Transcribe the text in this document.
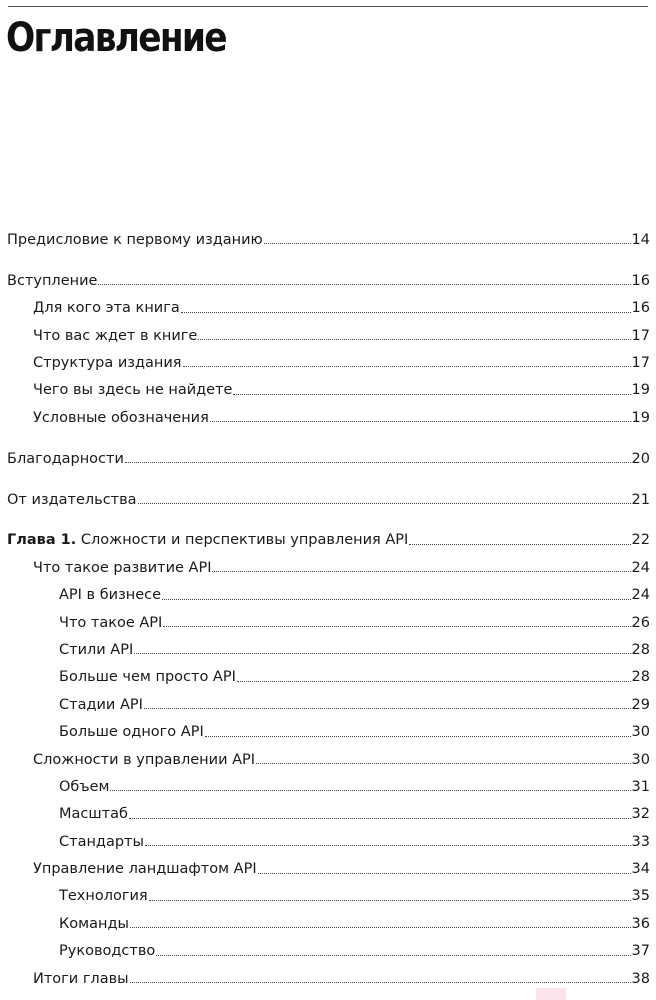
Оглавление
Предисловие к первому изданию	14
Вступление	16
Для кого эта книга	16
Что вас ждет в книге	17
Структура издания	17
Чего вы здесь не найдете	19
Условные обозначения	19
Благодарности	20
От издательства	21
Глава 1. Сложности и перспективы управления API	22
Что такое развитие API	24
API в бизнесе	24
Что такое API	26
Стили API	28
Больше чем просто API	28
Стадии API	29
Больше одного API	30
Сложности в управлении API	30
Объем	31
Масштаб	32
Стандарты	33
Управление ландшафтом API	34
Технология	35
Команды	36
Руководство	37
Итоги главы	38
